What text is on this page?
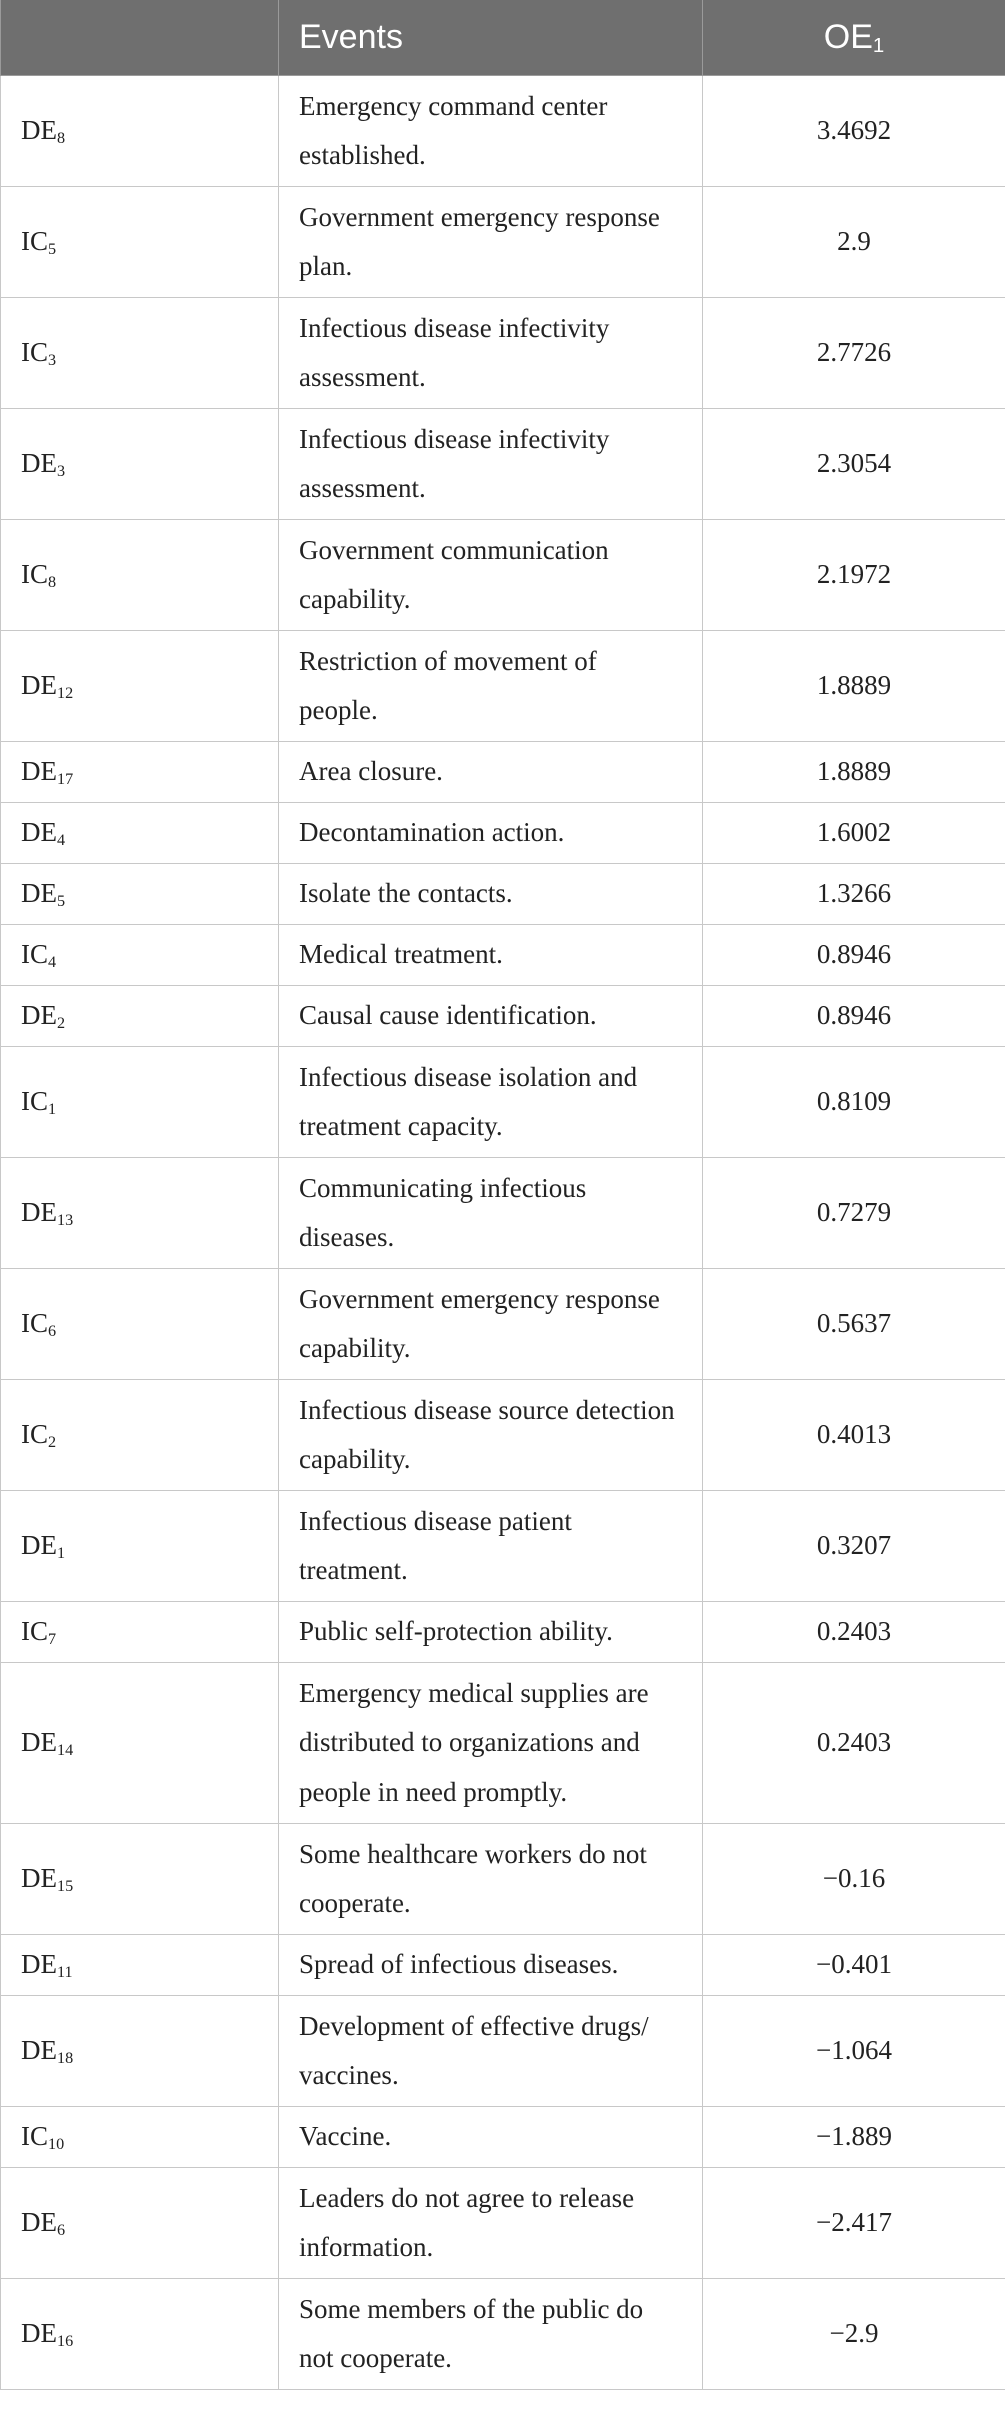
	Events	$OE_1$
$DE_8$	Emergency command center established.	3.4692
$IC_5$	Government emergency response plan.	2.9
$IC_3$	Infectious disease infectivity assessment.	2.7726
$DE_3$	Infectious disease infectivity assessment.	2.3054
$IC_8$	Government communication capability.	2.1972
$DE_{12}$	Restriction of movement of people.	1.8889
$DE_{17}$	Area closure.	1.8889
$DE_4$	Decontamination action.	1.6002
$DE_5$	Isolate the contacts.	1.3266
$IC_4$	Medical treatment.	0.8946
$DE_2$	Causal cause identification.	0.8946
$IC_1$	Infectious disease isolation and treatment capacity.	0.8109
$DE_{13}$	Communicating infectious diseases.	0.7279
$IC_6$	Government emergency response capability.	0.5637
$IC_2$	Infectious disease source detection capability.	0.4013
$DE_1$	Infectious disease patient treatment.	0.3207
$IC_7$	Public self-protection ability.	0.2403
$DE_{14}$	Emergency medical supplies are distributed to organizations and people in need promptly.	0.2403
$DE_{15}$	Some healthcare workers do not cooperate.	−0.16
$DE_{11}$	Spread of infectious diseases.	−0.401
$DE_{18}$	Development of effective drugs/ vaccines.	−1.064
$IC_{10}$	Vaccine.	−1.889
$DE_6$	Leaders do not agree to release information.	−2.417
$DE_{16}$	Some members of the public do not cooperate.	−2.9
